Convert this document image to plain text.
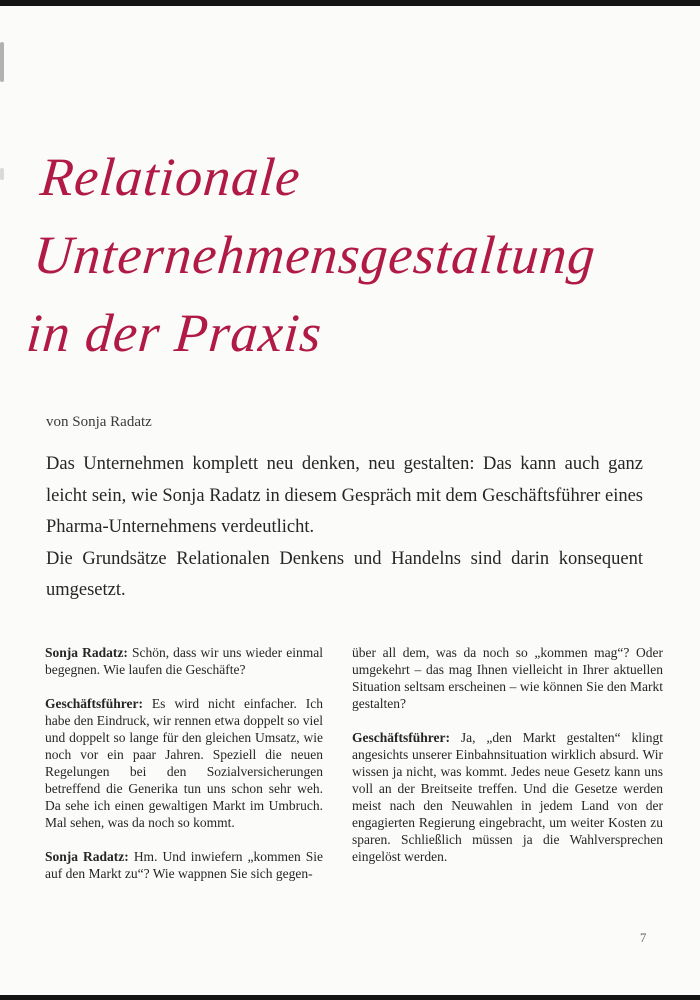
Relationale
Unternehmensgestaltung
in der Praxis
von Sonja Radatz

Das Unternehmen komplett neu denken, neu gestalten: Das kann auch ganz leicht sein, wie Sonja Radatz in diesem Gespräch mit dem Geschäftsführer eines Pharma-Unternehmens verdeutlicht.

Die Grundsätze Relationalen Denkens und Handelns sind darin konsequent umgesetzt.

Sonja Radatz: Schön, dass wir uns wieder einmal begegnen. Wie laufen die Geschäfte?

Geschäftsführer: Es wird nicht einfacher. Ich habe den Eindruck, wir rennen etwa doppelt so viel und doppelt so lange für den gleichen Umsatz, wie noch vor ein paar Jahren. Speziell die neuen Regelungen bei den Sozialversicherungen betreffend die Generika tun uns schon sehr weh. Da sehe ich einen gewaltigen Markt im Umbruch. Mal sehen, was da noch so kommt.

Sonja Radatz: Hm. Und inwiefern „kommen Sie auf den Markt zu“? Wie wappnen Sie sich gegen-

über all dem, was da noch so „kommen mag“? Oder umgekehrt – das mag Ihnen vielleicht in Ihrer aktuellen Situation seltsam erscheinen – wie können Sie den Markt gestalten?

Geschäftsführer: Ja, „den Markt gestalten“ klingt angesichts unserer Einbahnsituation wirklich absurd. Wir wissen ja nicht, was kommt. Jedes neue Gesetz kann uns voll an der Breitseite treffen. Und die Gesetze werden meist nach den Neuwahlen in jedem Land von der engagierten Regierung eingebracht, um weiter Kosten zu sparen. Schließlich müssen ja die Wahlversprechen eingelöst werden.

7
